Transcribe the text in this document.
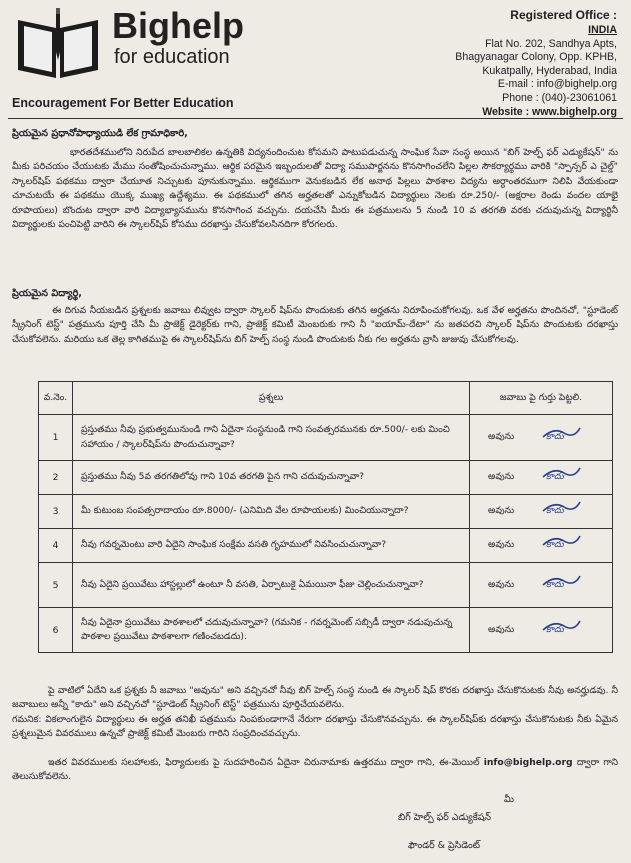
Bighelp
for education
Encouragement For Better Education
Registered Office :
INDIA
Flat No. 202, Sandhya Apts,
Bhagyanagar Colony, Opp. KPHB,
Kukatpally, Hyderabad, India
E-mail : info@bighelp.org
Phone : (040)-23061061
Website : www.bighelp.org

ప్రియమైన ప్రధానోపాధ్యాయుడి లేక గ్రామాధికారి,

భారతదేశములోని నిరుపేద బాలబాలికల ఉన్నతికి విద్యనందించుట కోసమని పాటుపడుచున్న సాంఘిక సేవా సంస్థ అయిన "బిగ్ హెల్ప్ ఫర్ ఎడ్యుకేషన్" ను మీకు పరిచయం చేయుటకు మేము సంతోషించుచున్నాము. ఆర్థిక పరమైన ఇబ్బందులతో విద్యా సముపార్జనను కొనసాగించలేని పిల్లల సౌకర్యార్థము వారికి "స్పాన్సర్ ఎ చైల్డ్" స్కాలర్‌షిప్ పథకము ద్వారా చేయూత నిచ్చుటకు పూనుకున్నాము. ఆర్థికముగా వెనుకబడిన లేక అనాథ పిల్లలు పాఠశాల విద్యను అర్ధాంతరముగా నిలిపి వేయకుండా చూచుటయే ఈ పథకము యొక్క ముఖ్య ఉద్దేశ్యము. ఈ పథకములో తగిన అర్హతలతో ఎన్నుకోబడిన విద్యార్థులు నెలకు రూ.250/- (అక్షరాల రెండు వందల యాభై రూపాయలు) బొందుట ద్వారా వారి విద్యాభ్యాసమును కొనసాగించ వచ్చును. దయచేసి మీరు ఈ పత్రములను 5 నుండి 10 వ తరగతి వరకు చదువుచున్న విద్యార్థినీ విద్యార్థులకు పంచిపెట్టి వారిని ఈ స్కాలర్‌షిప్ కోసము దరఖాస్తు చేసుకోవలసినదిగా కోరగలరు.

ప్రియమైన విద్యార్థి,

ఈ దిగువ నీయబడిన ప్రశ్నలకు జవాబు లివ్వుట ద్వారా స్కాలర్ షిప్‌ను పొందుటకు తగిన అర్హతను నిరూపించుకోగలవు. ఒక వేళ అర్హతను పొందినచో, "స్టూడెంట్ స్క్రీనింగ్ టెస్ట్" పత్రమును పూర్తి చేసి మీ ప్రాజెక్ట్ డైరెక్టర్‌కు గాని, ప్రాజెక్ట్ కమిటీ మెంబరుకు గాని నీ "ఐయామ్-దేటా" ను జతపరచి స్కాలర్ షిప్‌ను పొందుటకు దరఖాస్తు చేసుకోవలెను. మరియు ఒక తెల్ల కాగితముపై ఈ స్కాలర్‌షిప్‌ను బిగ్ హెల్ప్ సంస్థ నుండి పొందుటకు నీకు గల అర్హతను వ్రాసి జుజువు చేసుకోగలవు.

వ.నెం.	ప్రశ్నలు	జవాబు పై గుర్తు పెట్టలి.
1	ప్రస్తుతము నీవు ప్రభుత్వమునుండి గాని ఏదైనా సంస్థనుండి గాని సంవత్సరమునకు రూ.500/- లకు మించి సహాయం / స్కాలర్‌షిప్‌ను పొందుచున్నావా?	అవును కాదు
2	ప్రస్తుతము నీవు 5వ తరగతిలోవు గాని 10వ తరగతి పైన గాని చదువుచున్నావా?	అవును కాదు
3	మీ కుటుంబ సంపత్సరాదాయం రూ.8000/- (ఎనిమిది వేల రూపాయలకు) మించియున్నాదా?	అవును కాదు
4	నీవు గవర్నమెంటు వారి ఏదైని సాంఘిక సంక్షేమ వసతి గృహములో నివసించుచున్నావా?	అవును కాదు
5	నీవు ఏదైని ప్రయివేటు హాస్టల్లులో ఉంటూ నీ వసతి, ఏర్పాటుకై ఏమయినా ఫీజు చెల్లించుచున్నావా?	అవును కాదు
6	నీవు ఏదైనా ప్రయివేటు పాఠశాలలో చదువుచున్నావా? (గమనిక - గవర్నమెంట్ సబ్సిడీ ద్వారా నడుపుచున్న పాఠశాల ప్రయివేటు పాఠశాలగా గణించబడదు).	అవును కాదు

పై వాటిలో ఏదేని ఒక ప్రశ్నకు నీ జవాబు "అవును" అని వచ్చినచో నీవు బిగ్ హెల్ప్ సంస్థ నుండి ఈ స్కాలర్ షిప్ కొరకు దరఖాస్తు చేసుకొనుటకు నీవు అనర్హుడవు. నీ జవాబులు అన్నీ "కాదు" అని వచ్చినచో "స్టూడెంట్ స్క్రీనింగ్ టెస్ట్" పత్రమును పూర్తిచేయవలెను.

గమనిక: వికలాంగులైన విద్యార్థులు ఈ అర్హత తనిఖీ పత్రమును నింపకుండాగానే నేరుగా దరఖాస్తు చేసుకొనవచ్చును. ఈ స్కాలర్‌షిప్‌కు దరఖాస్తు చేసుకొనుటకు నీకు ఏమైన ప్రశ్నలుమైన వివరములు ఉన్నచో ప్రాజెక్ట్ కమిటీ మెంబరు గారిని సంప్రదించవచ్చును.

ఇతర వివరములకు సలహాలకు, ఫిర్యాదులకు పై సుదహరించిన ఏదైనా చిరునామాకు ఉత్తరము ద్వారా గాని, ఈ-మెయిల్ info@bighelp.org ద్వారా గాని తెలుసుకోవలెను.

మీ

బిగ్ హెల్ప్ ఫర్ ఎడ్యుకేషన్

ఫౌండర్ & ప్రెసిడెంట్
